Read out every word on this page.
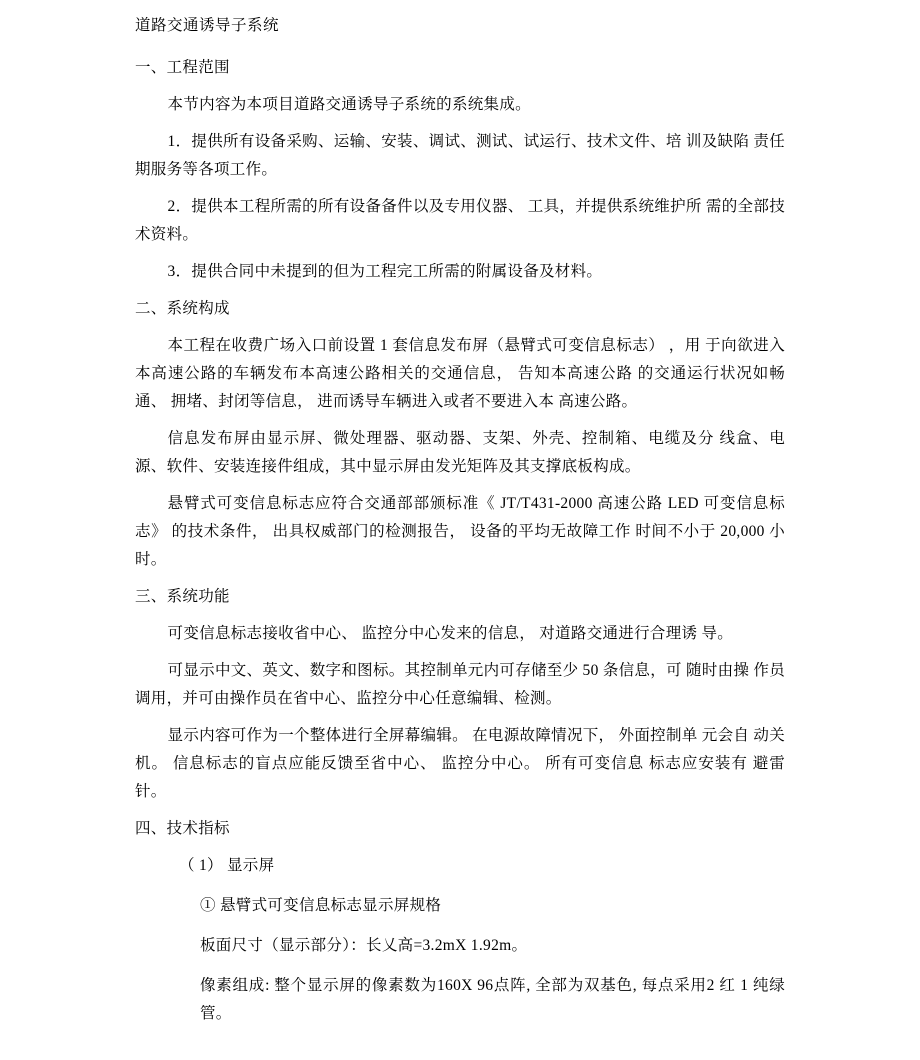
道路交通诱导子系统
一、工程范围
本节内容为本项目道路交通诱导子系统的系统集成。
1．提供所有设备采购、运输、安装、调试、测试、试运行、技术文件、培 训及缺陷 责任期服务等各项工作。
2．提供本工程所需的所有设备备件以及专用仪器、 工具，并提供系统维护所 需的全部技术资料。
3．提供合同中未提到的但为工程完工所需的附属设备及材料。
二、系统构成
本工程在收费广场入口前设置 1 套信息发布屏（悬臂式可变信息标志） ，用 于向欲进入本高速公路的车辆发布本高速公路相关的交通信息， 告知本高速公路 的交通运行状况如畅通、 拥堵、封闭等信息， 进而诱导车辆进入或者不要进入本 高速公路。
信息发布屏由显示屏、微处理器、驱动器、支架、外壳、控制箱、电缆及分 线盒、电源、软件、安装连接件组成，其中显示屏由发光矩阵及其支撑底板构成。
悬臂式可变信息标志应符合交通部部颁标准《 JT/T431-2000 高速公路 LED 可变信息标志》 的技术条件， 出具权威部门的检测报告， 设备的平均无故障工作 时间不小于 20,000 小时。
三、系统功能
可变信息标志接收省中心、 监控分中心发来的信息， 对道路交通进行合理诱 导。
可显示中文、英文、数字和图标。其控制单元内可存储至少 50 条信息，可 随时由操 作员调用，并可由操作员在省中心、监控分中心任意编辑、检测。
显示内容可作为一个整体进行全屏幕编辑。 在电源故障情况下， 外面控制单 元会自 动关机。 信息标志的盲点应能反馈至省中心、 监控分中心。 所有可变信息 标志应安装有 避雷针。
四、技术指标
（ 1） 显示屏
① 悬臂式可变信息标志显示屏规格
板面尺寸（显示部分）：长乂高=3.2mX 1.92m。
像素组成: 整个显示屏的像素数为160X 96点阵, 全部为双基色, 每点采用2 红 1 纯绿管。
